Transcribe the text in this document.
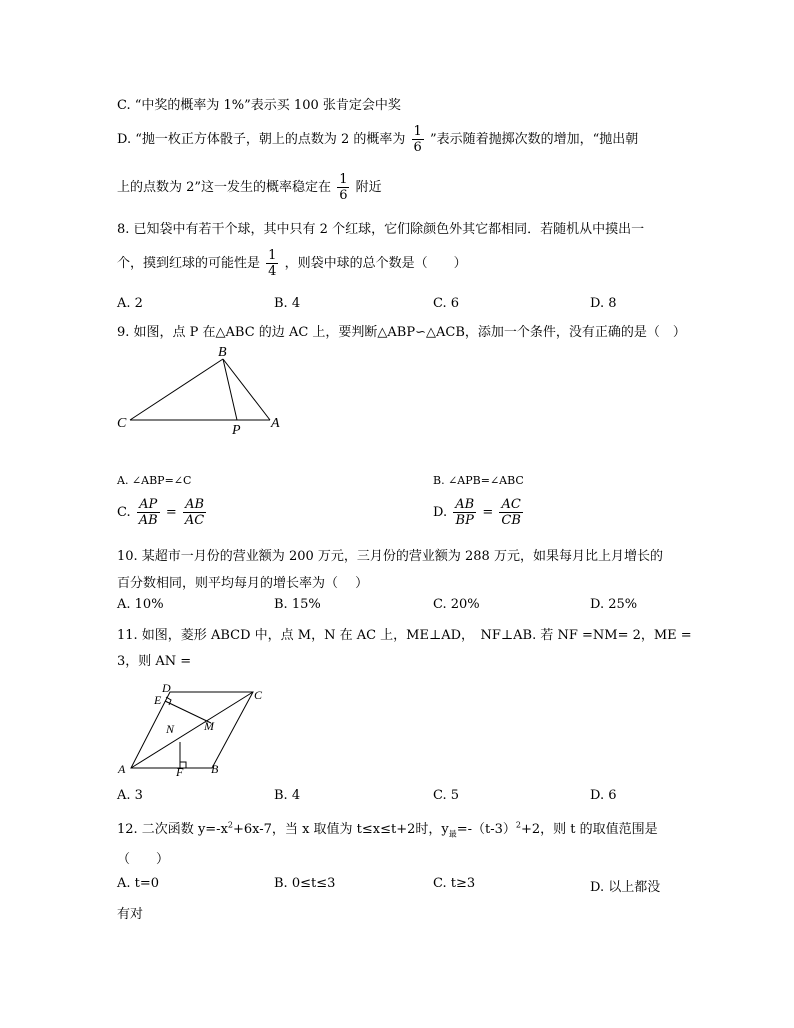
C. “中奖的概率为 1%”表示买 100 张肯定会中奖
D. “抛一枚正方体骰子，朝上的点数为 2 的概率为 $\frac{1}{6}$ ”表示随着抛掷次数的增加，“抛出朝
上的点数为 2”这一发生的概率稳定在 $\frac{1}{6}$ 附近
8. 已知袋中有若干个球，其中只有 2 个红球，它们除颜色外其它都相同．若随机从中摸出一
个，摸到红球的可能性是 $\frac{1}{4}$ ，则袋中球的总个数是（　　）
A. 2	B. 4	C. 6	D. 8
9. 如图，点 P 在△ABC 的边 AC 上，要判断△ABP∽△ACB，添加一个条件，没有正确的是（　）
B
C	P A
A. ∠ABP=∠C	B. ∠APB=∠ABC
C. $\frac{AP}{AB} = \frac{AB}{AC}$	D. $\frac{AB}{BP} = \frac{AC}{CB}$
10. 某超市一月份的营业额为 200 万元，三月份的营业额为 288 万元，如果每月比上月增长的
百分数相同，则平均每月的增长率为（　 ）
A. 10%	B. 15%	C. 20%	D. 25%
11. 如图，菱形 ABCD 中，点 M，N 在 AC 上，ME⊥AD，　NF⊥AB. 若 NF =NM= 2，ME =
3，则 AN =
D
E	C
N M
A	F B
A. 3	B. 4	C. 5	D. 6
12. 二次函数 $y=-x^2+6x-7$，当 x 取值为 t≤x≤t+2时，$y_最=-(t-3)^2+2$，则 t 的取值范围是
（　　）
A. t=0	B. 0≤t≤3	C. t≥3	D. 以上都没
有对
